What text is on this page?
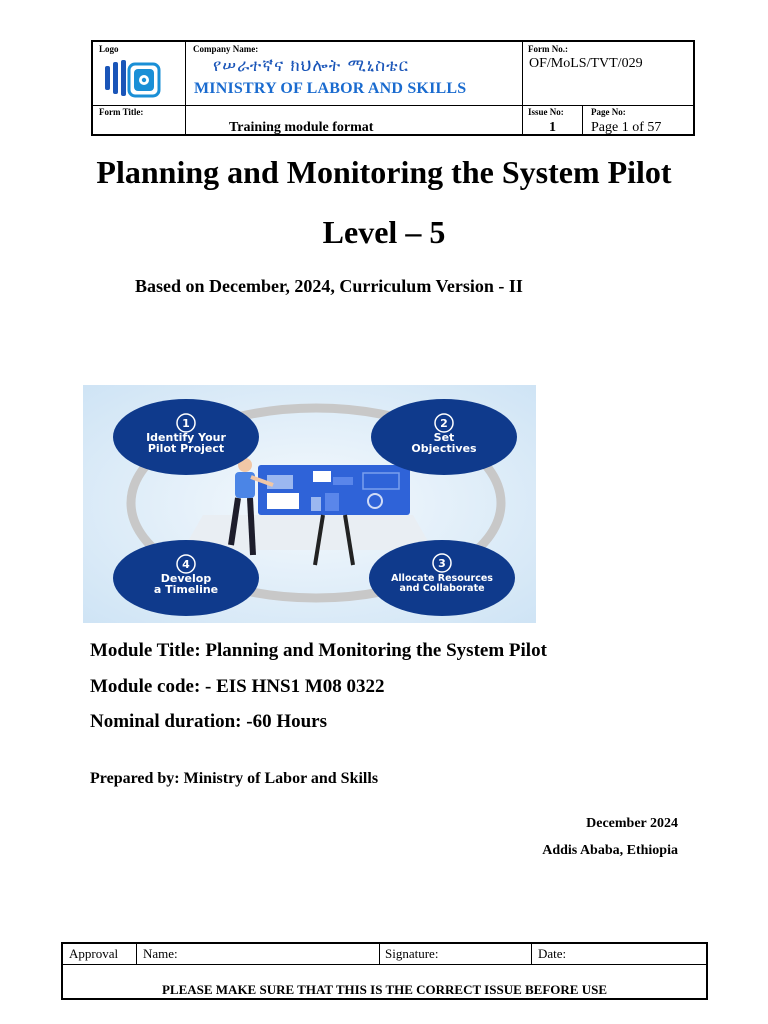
Logo	Company Name:
የሠራተኛና ክህሎት ሚኒስቴር
MINISTRY OF LABOR AND SKILLS
Form No.:
OF/MoLS/TVT/029
Form Title:
Training module format
Issue No:
1
Page No:
Page 1 of 57
Planning and Monitoring the System Pilot
Level – 5
Based on December, 2024, Curriculum Version - II
1
Identify Your
Pilot Project
2
Set
Objectives
3
Allocate Resources
and Collaborate
4
Develop
a Timeline
Module Title: Planning and Monitoring the System Pilot
Module code: - EIS HNS1 M08 0322
Nominal duration: -60 Hours
Prepared by: Ministry of Labor and Skills
December 2024
Addis Ababa, Ethiopia
Approval Name:	Signature:	Date:
PLEASE MAKE SURE THAT THIS IS THE CORRECT ISSUE BEFORE USE
